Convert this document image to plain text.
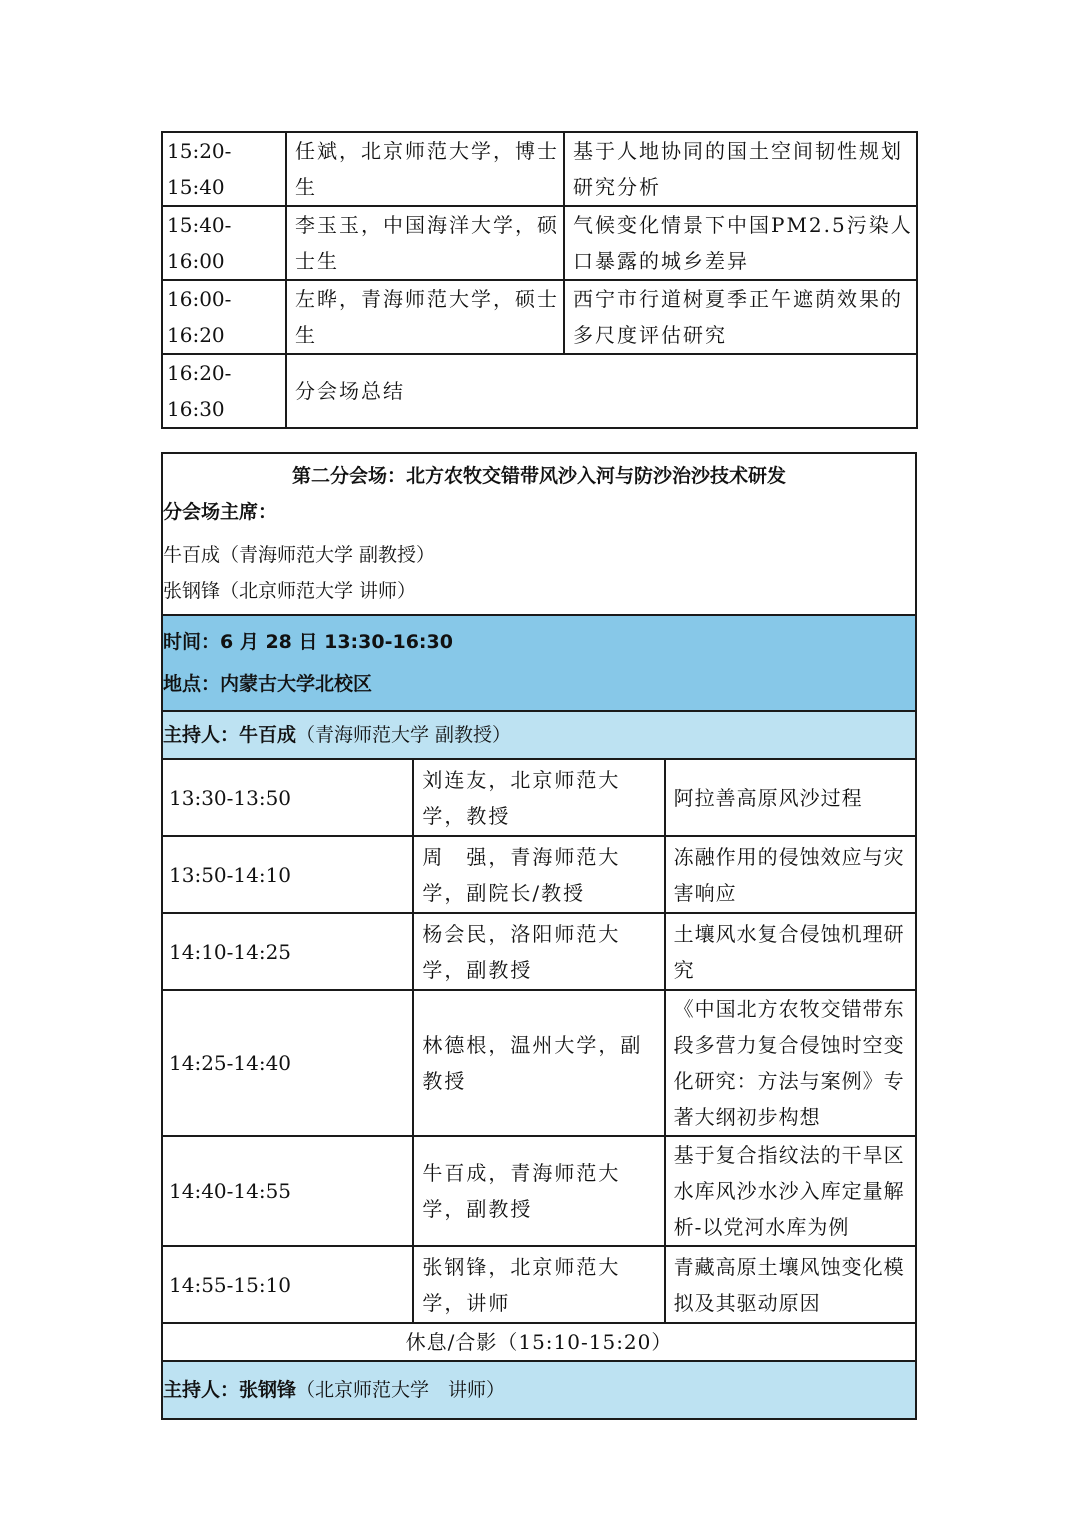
15:20-15:40	任斌，北京师范大学，博士生	基于人地协同的国土空间韧性规划研究分析
15:40-16:00	李玉玉，中国海洋大学，硕士生	气候变化情景下中国PM2.5污染人口暴露的城乡差异
16:00-16:20	左晔，青海师范大学，硕士生	西宁市行道树夏季正午遮荫效果的多尺度评估研究
16:20-16:30	分会场总结	
第二分会场：北方农牧交错带风沙入河与防沙治沙技术研发
分会场主席：
牛百成（青海师范大学 副教授）
张钢锋（北京师范大学 讲师）		

时间：6 月 28 日 13:30-16:30
地点：内蒙古大学北校区		

主持人：牛百成（青海师范大学 副教授）		
13:30-13:50	刘连友，北京师范大学，教授	阿拉善高原风沙过程
13:50-14:10	周　强，青海师范大学，副院长/教授	冻融作用的侵蚀效应与灾害响应
14:10-14:25	杨会民，洛阳师范大学，副教授	土壤风水复合侵蚀机理研究
14:25-14:40	林德根，温州大学，副教授	《中国北方农牧交错带东段多营力复合侵蚀时空变化研究：方法与案例》专著大纲初步构想
14:40-14:55	牛百成，青海师范大学，副教授	基于复合指纹法的干旱区水库风沙水沙入库定量解析-以党河水库为例
14:55-15:10	张钢锋，北京师范大学，讲师	青藏高原土壤风蚀变化模拟及其驱动原因
休息/合影（15:10-15:20）		
主持人：张钢锋（北京师范大学　讲师）		
